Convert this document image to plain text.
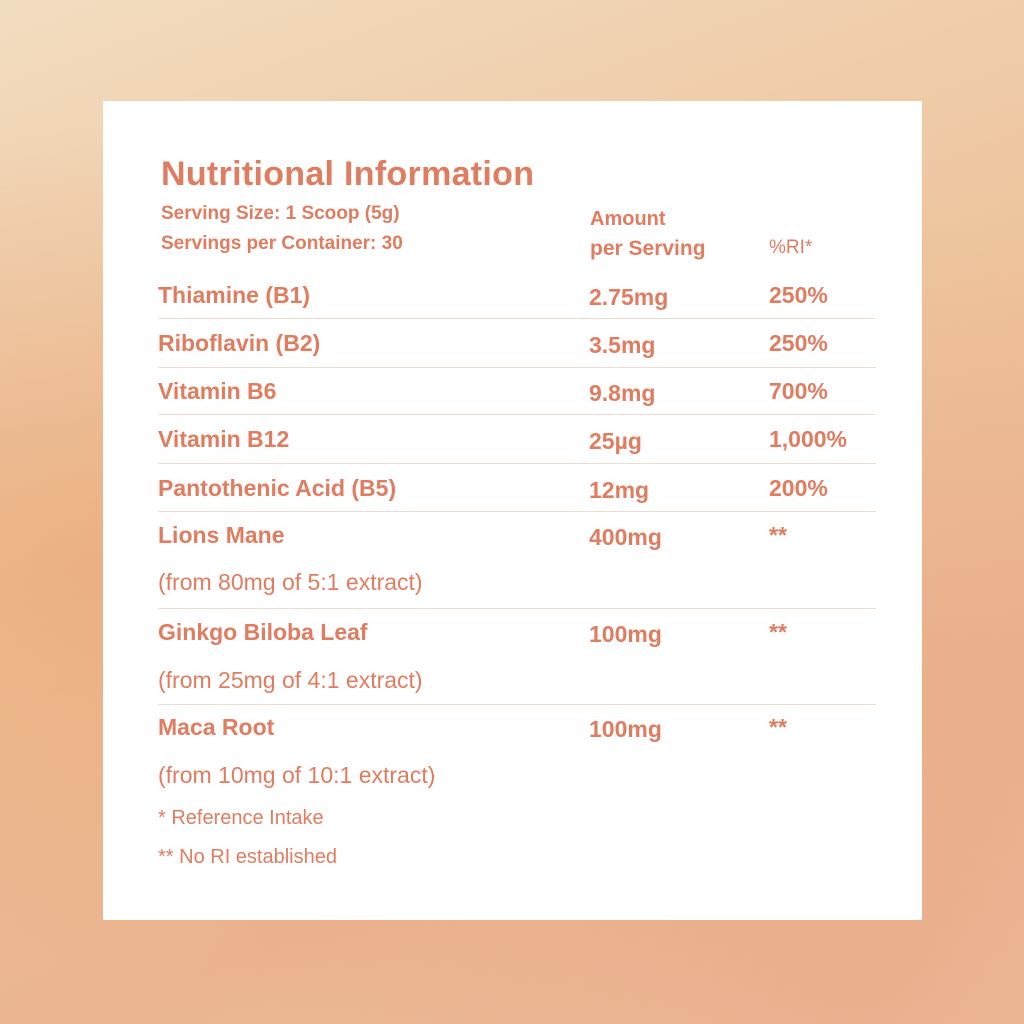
Nutritional Information
Serving Size: 1 Scoop (5g)
Servings per Container: 30
Amount
per Serving	%RI*
Thiamine (B1)	2.75mg	250%
Riboflavin (B2)	3.5mg	250%
Vitamin B6	9.8mg	700%
Vitamin B12	25µg	1,000%
Pantothenic Acid (B5)	12mg	200%
Lions Mane	400mg	**
(from 80mg of 5:1 extract)
Ginkgo Biloba Leaf	100mg	**
(from 25mg of 4:1 extract)
Maca Root	100mg	**
(from 10mg of 10:1 extract)
* Reference Intake
** No RI established
